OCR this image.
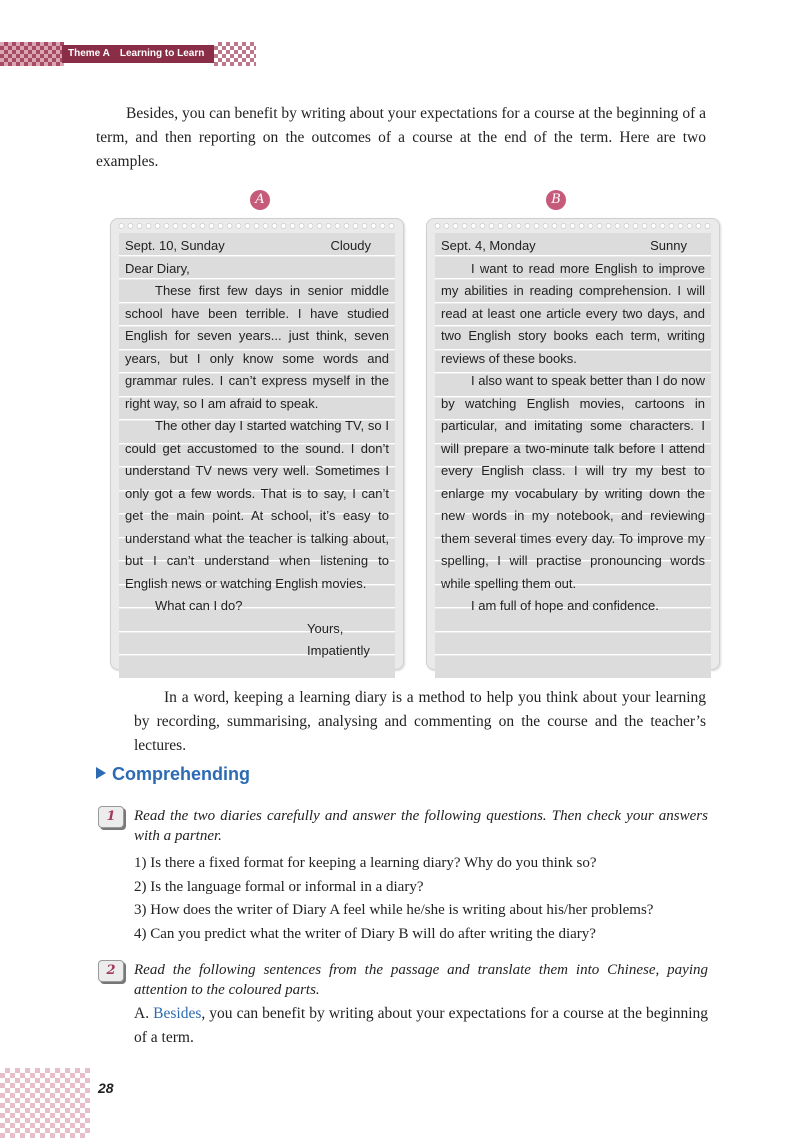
Theme A Learning to Learn
Besides, you can benefit by writing about your expectations for a course at the beginning of a term, and then reporting on the outcomes of a course at the end of the term. Here are two examples.
A	B

Sept. 10, Sunday	Cloudy

Dear Diary,

These first few days in senior middle school have been terrible. I have studied English for seven years... just think, seven years, but I only know some words and grammar rules. I can’t express myself in the right way, so I am afraid to speak.

The other day I started watching TV, so I could get accustomed to the sound. I don’t understand TV news very well. Sometimes I only got a few words. That is to say, I can’t get the main point. At school, it’s easy to understand what the teacher is talking about, but I can’t understand when listening to English news or watching English movies.

What can I do?

Yours,

Impatiently

Sept. 4, Monday	Sunny

I want to read more English to improve my abilities in reading comprehension. I will read at least one article every two days, and two English story books each term, writing reviews of these books.

I also want to speak better than I do now by watching English movies, cartoons in particular, and imitating some characters. I will prepare a two-minute talk before I attend every English class. I will try my best to enlarge my vocabulary by writing down the new words in my notebook, and reviewing them several times every day. To improve my spelling, I will practise pronouncing words while spelling them out.

I am full of hope and confidence.

In a word, keeping a learning diary is a method to help you think about your learning by recording, summarising, analysing and commenting on the course and the teacher’s lectures.
Comprehending
1	Read the two diaries carefully and answer the following questions. Then check your answers with a partner.
1) Is there a fixed format for keeping a learning diary? Why do you think so?
2) Is the language formal or informal in a diary?
3) How does the writer of Diary A feel while he/she is writing about his/her problems?
4) Can you predict what the writer of Diary B will do after writing the diary?
2	Read the following sentences from the passage and translate them into Chinese, paying attention to the coloured parts.
A. Besides, you can benefit by writing about your expectations for a course at the beginning of a term.
28
